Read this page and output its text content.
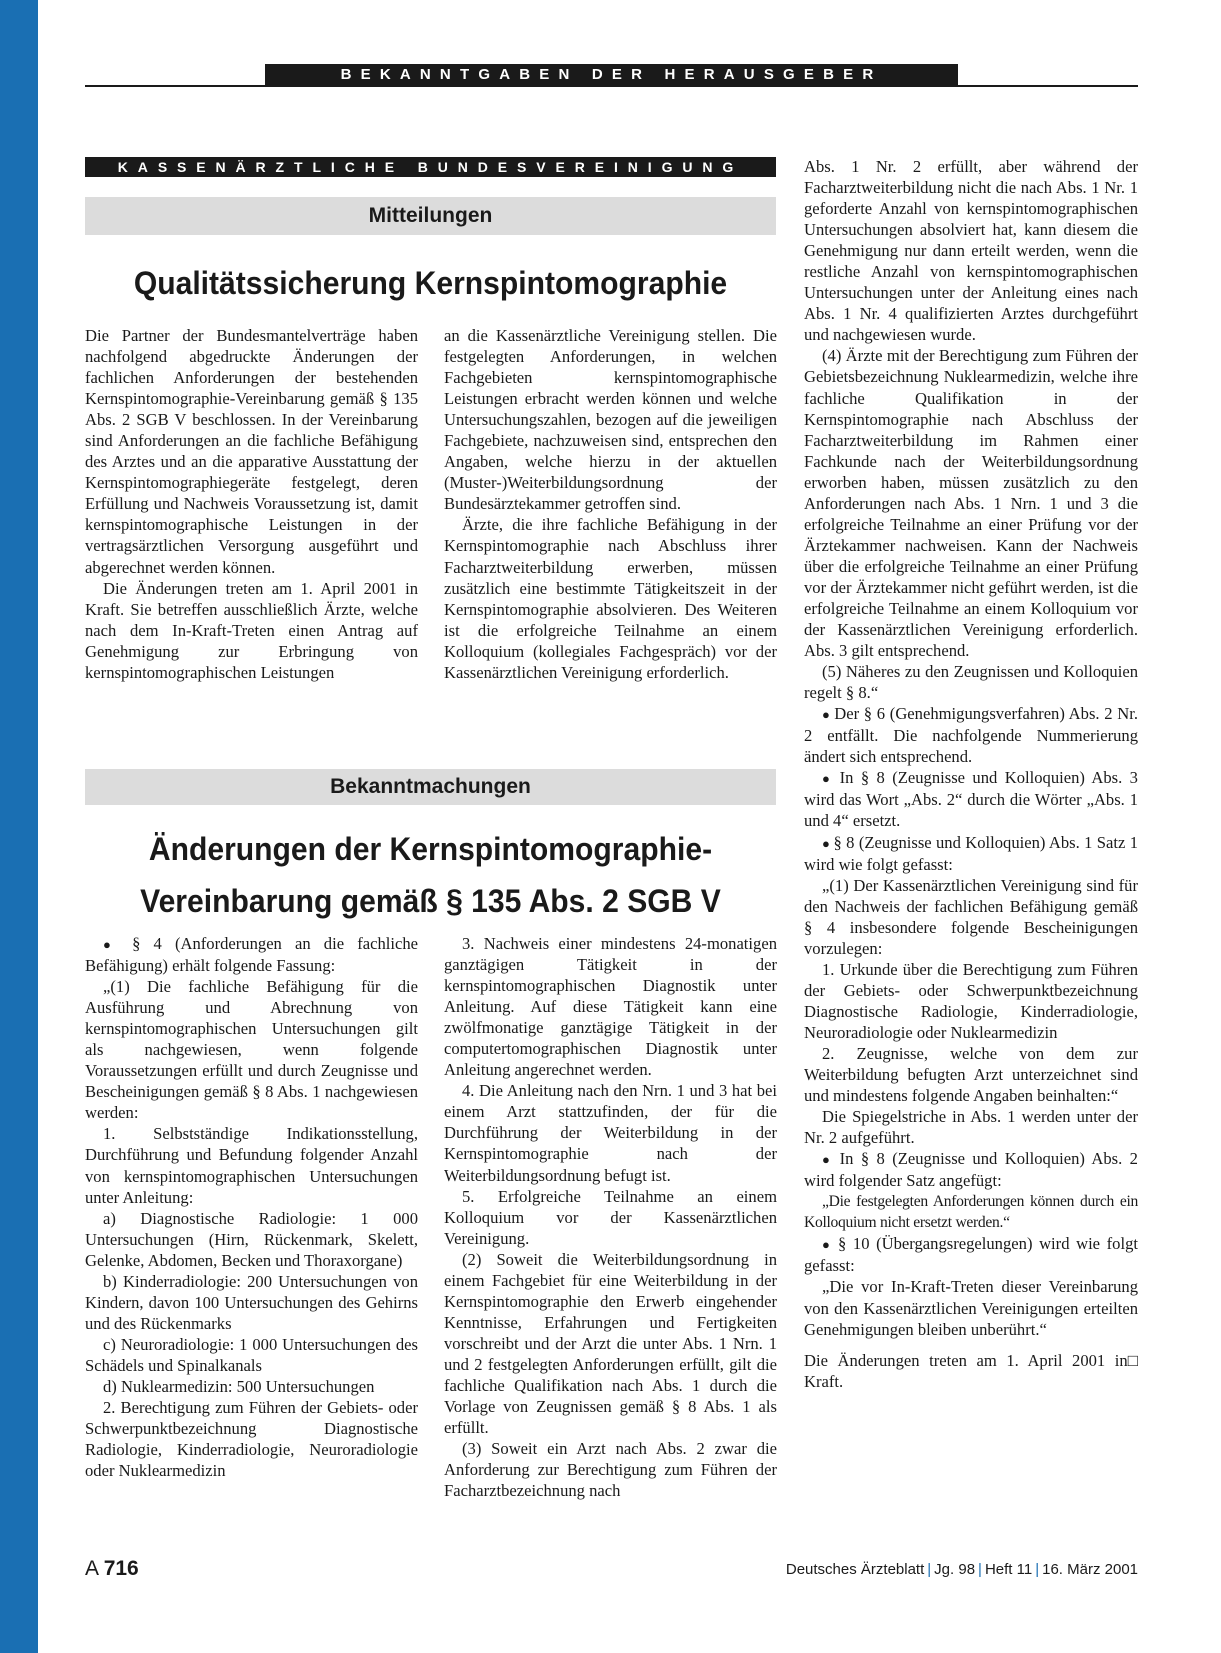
BEKANNTGABEN DER HERAUSGEBER
KASSENÄRZTLICHE BUNDESVEREINIGUNG
Mitteilungen
Qualitätssicherung Kernspintomographie

Die Partner der Bundesmantelverträge haben nachfolgend abgedruckte Änderungen der fachlichen Anforderungen der bestehenden Kernspintomographie-Vereinbarung gemäß § 135 Abs. 2 SGB V beschlossen. In der Vereinbarung sind Anforderungen an die fachliche Befähigung des Arztes und an die apparative Ausstattung der Kernspintomographiegeräte festgelegt, deren Erfüllung und Nachweis Voraussetzung ist, damit kernspintomographische Leistungen in der vertragsärztlichen Versorgung ausgeführt und abgerechnet werden können.

Die Änderungen treten am 1. April 2001 in Kraft. Sie betreffen ausschließlich Ärzte, welche nach dem In-Kraft-Treten einen Antrag auf Genehmigung zur Erbringung von kernspintomographischen Leistungen

an die Kassenärztliche Vereinigung stellen. Die festgelegten Anforderungen, in welchen Fachgebieten kernspintomographische Leistungen erbracht werden können und welche Untersuchungszahlen, bezogen auf die jeweiligen Fachgebiete, nachzuweisen sind, entsprechen den Angaben, welche hierzu in der aktuellen (Muster-)Weiterbildungsordnung der Bundesärztekammer getroffen sind.

Ärzte, die ihre fachliche Befähigung in der Kernspintomographie nach Abschluss ihrer Facharztweiterbildung erwerben, müssen zusätzlich eine bestimmte Tätigkeitszeit in der Kernspintomographie absolvieren. Des Weiteren ist die erfolgreiche Teilnahme an einem Kolloquium (kollegiales Fachgespräch) vor der Kassenärztlichen Vereinigung erforderlich.

Bekanntmachungen
Änderungen der Kernspintomographie-
Vereinbarung gemäß § 135 Abs. 2 SGB V

● § 4 (Anforderungen an die fachliche Befähigung) erhält folgende Fassung:

„(1) Die fachliche Befähigung für die Ausführung und Abrechnung von kernspintomographischen Untersuchungen gilt als nachgewiesen, wenn folgende Voraussetzungen erfüllt und durch Zeugnisse und Bescheinigungen gemäß § 8 Abs. 1 nachgewiesen werden:

1. Selbstständige Indikationsstellung, Durchführung und Befundung folgender Anzahl von kernspintomographischen Untersuchungen unter Anleitung:

a) Diagnostische Radiologie: 1 000 Untersuchungen (Hirn, Rückenmark, Skelett, Gelenke, Abdomen, Becken und Thoraxorgane)

b) Kinderradiologie: 200 Untersuchungen von Kindern, davon 100 Untersuchungen des Gehirns und des Rückenmarks

c) Neuroradiologie: 1 000 Untersuchungen des Schädels und Spinalkanals

d) Nuklearmedizin: 500 Untersuchungen

2. Berechtigung zum Führen der Gebiets- oder Schwerpunktbezeichnung Diagnostische Radiologie, Kinderradiologie, Neuroradiologie oder Nuklearmedizin

3. Nachweis einer mindestens 24-monatigen ganztägigen Tätigkeit in der kernspintomographischen Diagnostik unter Anleitung. Auf diese Tätigkeit kann eine zwölfmonatige ganztägige Tätigkeit in der computertomographischen Diagnostik unter Anleitung angerechnet werden.

4. Die Anleitung nach den Nrn. 1 und 3 hat bei einem Arzt stattzufinden, der für die Durchführung der Weiterbildung in der Kernspintomographie nach der Weiterbildungsordnung befugt ist.

5. Erfolgreiche Teilnahme an einem Kolloquium vor der Kassenärztlichen Vereinigung.

(2) Soweit die Weiterbildungsordnung in einem Fachgebiet für eine Weiterbildung in der Kernspintomographie den Erwerb eingehender Kenntnisse, Erfahrungen und Fertigkeiten vorschreibt und der Arzt die unter Abs. 1 Nrn. 1 und 2 festgelegten Anforderungen erfüllt, gilt die fachliche Qualifikation nach Abs. 1 durch die Vorlage von Zeugnissen gemäß § 8 Abs. 1 als erfüllt.

(3) Soweit ein Arzt nach Abs. 2 zwar die Anforderung zur Berechtigung zum Führen der Facharztbezeichnung nach

Abs. 1 Nr. 2 erfüllt, aber während der Facharztweiterbildung nicht die nach Abs. 1 Nr. 1 geforderte Anzahl von kernspintomographischen Untersuchungen absolviert hat, kann diesem die Genehmigung nur dann erteilt werden, wenn die restliche Anzahl von kernspintomographischen Untersuchungen unter der Anleitung eines nach Abs. 1 Nr. 4 qualifizierten Arztes durchgeführt und nachgewiesen wurde.

(4) Ärzte mit der Berechtigung zum Führen der Gebietsbezeichnung Nuklearmedizin, welche ihre fachliche Qualifikation in der Kernspintomographie nach Abschluss der Facharztweiterbildung im Rahmen einer Fachkunde nach der Weiterbildungsordnung erworben haben, müssen zusätzlich zu den Anforderungen nach Abs. 1 Nrn. 1 und 3 die erfolgreiche Teilnahme an einer Prüfung vor der Ärztekammer nachweisen. Kann der Nachweis über die erfolgreiche Teilnahme an einer Prüfung vor der Ärztekammer nicht geführt werden, ist die erfolgreiche Teilnahme an einem Kolloquium vor der Kassenärztlichen Vereinigung erforderlich. Abs. 3 gilt entsprechend.

(5) Näheres zu den Zeugnissen und Kolloquien regelt § 8.“

● Der § 6 (Genehmigungsverfahren) Abs. 2 Nr. 2 entfällt. Die nachfolgende Nummerierung ändert sich entsprechend.

● In § 8 (Zeugnisse und Kolloquien) Abs. 3 wird das Wort „Abs. 2“ durch die Wörter „Abs. 1 und 4“ ersetzt.

● § 8 (Zeugnisse und Kolloquien) Abs. 1 Satz 1 wird wie folgt gefasst:

„(1) Der Kassenärztlichen Vereinigung sind für den Nachweis der fachlichen Befähigung gemäß § 4 insbesondere folgende Bescheinigungen vorzulegen:

1. Urkunde über die Berechtigung zum Führen der Gebiets- oder Schwerpunktbezeichnung Diagnostische Radiologie, Kinderradiologie, Neuroradiologie oder Nuklearmedizin

2. Zeugnisse, welche von dem zur Weiterbildung befugten Arzt unterzeichnet sind und mindestens folgende Angaben beinhalten:“

Die Spiegelstriche in Abs. 1 werden unter der Nr. 2 aufgeführt.

● In § 8 (Zeugnisse und Kolloquien) Abs. 2 wird folgender Satz angefügt:

„Die festgelegten Anforderungen können durch ein Kolloquium nicht ersetzt werden.“

● § 10 (Übergangsregelungen) wird wie folgt gefasst:

„Die vor In-Kraft-Treten dieser Vereinbarung von den Kassenärztlichen Vereinigungen erteilten Genehmigungen bleiben unberührt.“

Die Änderungen treten am 1. April 2001 in Kraft.
□

A 716	Deutsches Ärzteblatt | Jg. 98 | Heft 11 | 16. März 2001
